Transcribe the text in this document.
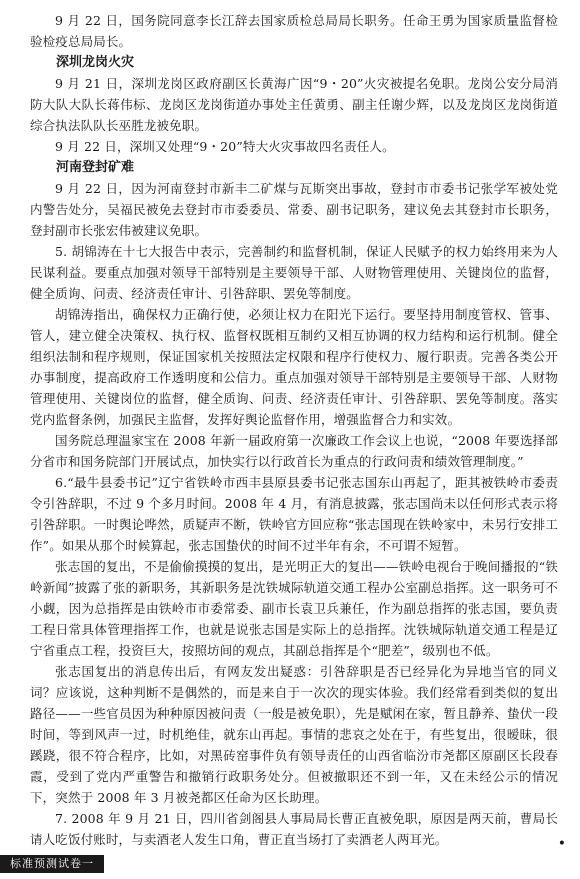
9 月 22 日，国务院同意李长江辞去国家质检总局局长职务。任命王勇为国家质量监督检验检疫总局局长。

深圳龙岗火灾

9 月 21 日，深圳龙岗区政府副区长黄海广因“9・20”火灾被提名免职。龙岗公安分局消防大队大队长蒋伟标、龙岗区龙岗街道办事处主任黄勇、副主任谢少辉，以及龙岗区龙岗街道综合执法队队长巫胜龙被免职。

9 月 22 日，深圳又处理“9・20”特大火灾事故四名责任人。

河南登封矿难

9 月 22 日，因为河南登封市新丰二矿煤与瓦斯突出事故，登封市市委书记张学军被处党内警告处分，吴福民被免去登封市市委委员、常委、副书记职务，建议免去其登封市长职务，登封副市长张宏伟被建议免职。

5. 胡锦涛在十七大报告中表示，完善制约和监督机制，保证人民赋予的权力始终用来为人民谋利益。要重点加强对领导干部特别是主要领导干部、人财物管理使用、关键岗位的监督，健全质询、问责、经济责任审计、引咎辞职、罢免等制度。

胡锦涛指出，确保权力正确行使，必须让权力在阳光下运行。要坚持用制度管权、管事、管人，建立健全决策权、执行权、监督权既相互制约又相互协调的权力结构和运行机制。健全组织法制和程序规则，保证国家机关按照法定权限和程序行使权力、履行职责。完善各类公开办事制度，提高政府工作透明度和公信力。重点加强对领导干部特别是主要领导干部、人财物管理使用、关键岗位的监督，健全质询、问责、经济责任审计、引咎辞职、罢免等制度。落实党内监督条例，加强民主监督，发挥好舆论监督作用，增强监督合力和实效。

国务院总理温家宝在 2008 年新一届政府第一次廉政工作会议上也说，“2008 年要选择部分省市和国务院部门开展试点，加快实行以行政首长为重点的行政问责和绩效管理制度。”

6.“最牛县委书记”辽宁省铁岭市西丰县原县委书记张志国东山再起了，距其被铁岭市委责令引咎辞职，不过 9 个多月时间。2008 年 4 月，有消息披露，张志国尚未以任何形式表示将引咎辞职。一时舆论哗然，质疑声不断，铁岭官方回应称“张志国现在铁岭家中，未另行安排工作”。如果从那个时候算起，张志国蛰伏的时间不过半年有余，不可谓不短暂。

张志国的复出，不是偷偷摸摸的复出，是光明正大的复出——铁岭电视台于晚间播报的“铁岭新闻”披露了张的新职务，其新职务是沈铁城际轨道交通工程办公室副总指挥。这一职务可不小觑，因为总指挥是由铁岭市市委常委、副市长袁卫兵兼任，作为副总指挥的张志国，要负责工程日常具体管理指挥工作，也就是说张志国是实际上的总指挥。沈铁城际轨道交通工程是辽宁省重点工程，投资巨大，按照坊间的观点，其副总指挥是个“肥差”，级别也不低。

张志国复出的消息传出后，有网友发出疑惑：引咎辞职是否已经异化为异地当官的同义词？应该说，这种判断不是偶然的，而是来自于一次次的现实体验。我们经常看到类似的复出路径——一些官员因为种种原因被问责（一般是被免职），先是赋闲在家，暂且静养、蛰伏一段时间，等到风声一过，时机绝佳，就东山再起。事情的悲哀之处在于，有些复出，很暧昧，很蹊跷，很不符合程序，比如，对黑砖窑事件负有领导责任的山西省临汾市尧都区原副区长段春霞，受到了党内严重警告和撤销行政职务处分。但被撤职还不到一年，又在未经公示的情况下，突然于 2008 年 3 月被尧都区任命为区长助理。

7. 2008 年 9 月 21 日，四川省剑阁县人事局局长曹正直被免职，原因是两天前，曹局长请人吃饭付账时，与卖酒老人发生口角，曹正直当场打了卖酒老人两耳光。	•
标准预测试卷一
